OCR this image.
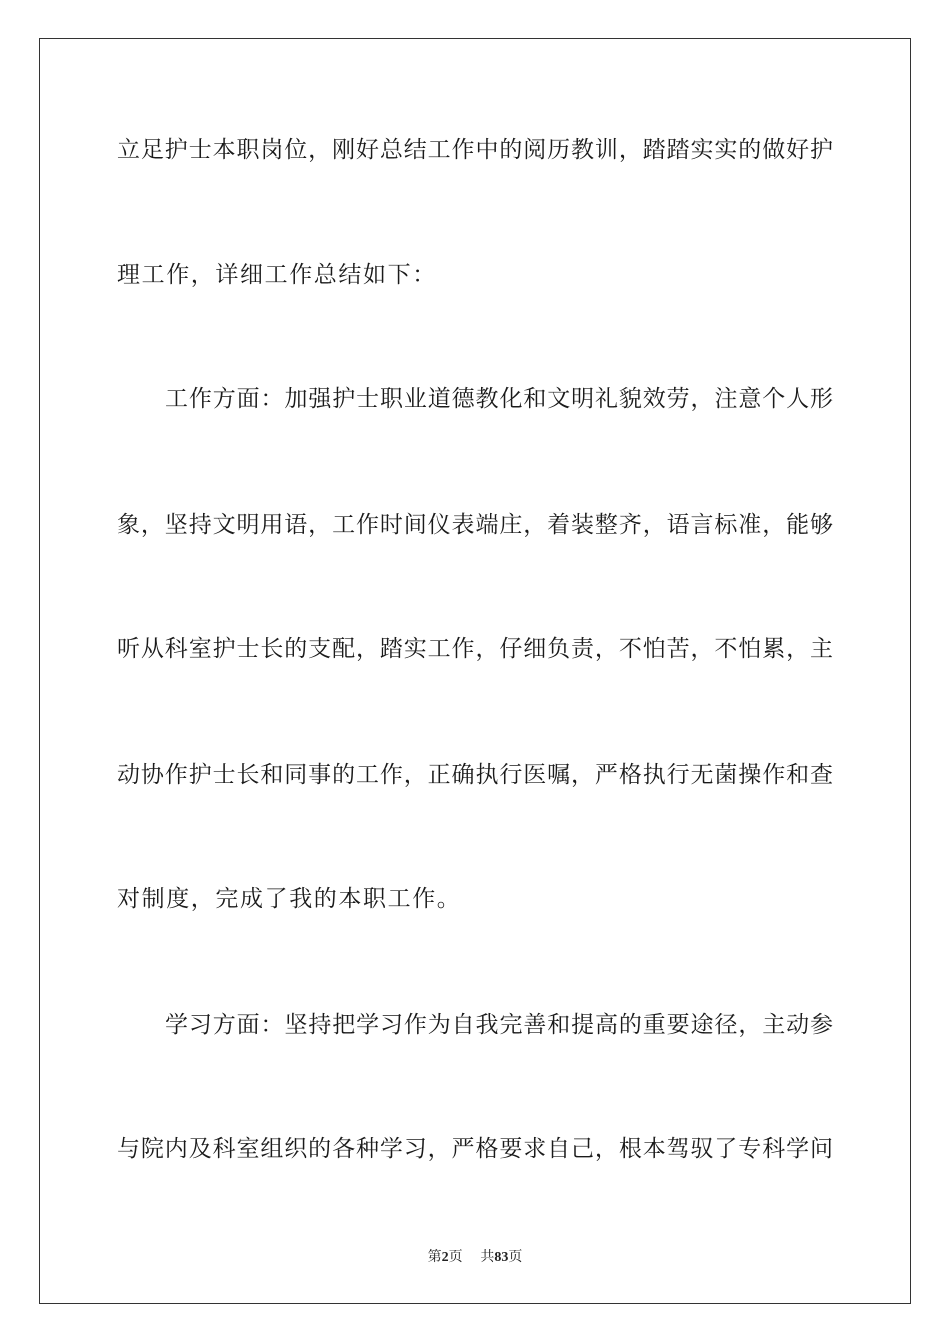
立足护士本职岗位，刚好总结工作中的阅历教训，踏踏实实的做好护
理工作，详细工作总结如下：
工作方面：加强护士职业道德教化和文明礼貌效劳，注意个人形
象，坚持文明用语，工作时间仪表端庄，着装整齐，语言标准，能够
听从科室护士长的支配，踏实工作，仔细负责，不怕苦，不怕累，主
动协作护士长和同事的工作，正确执行医嘱，严格执行无菌操作和查
对制度，完成了我的本职工作。
学习方面：坚持把学习作为自我完善和提高的重要途径，主动参
与院内及科室组织的各种学习，严格要求自己，根本驾驭了专科学问
第2页 共83页
